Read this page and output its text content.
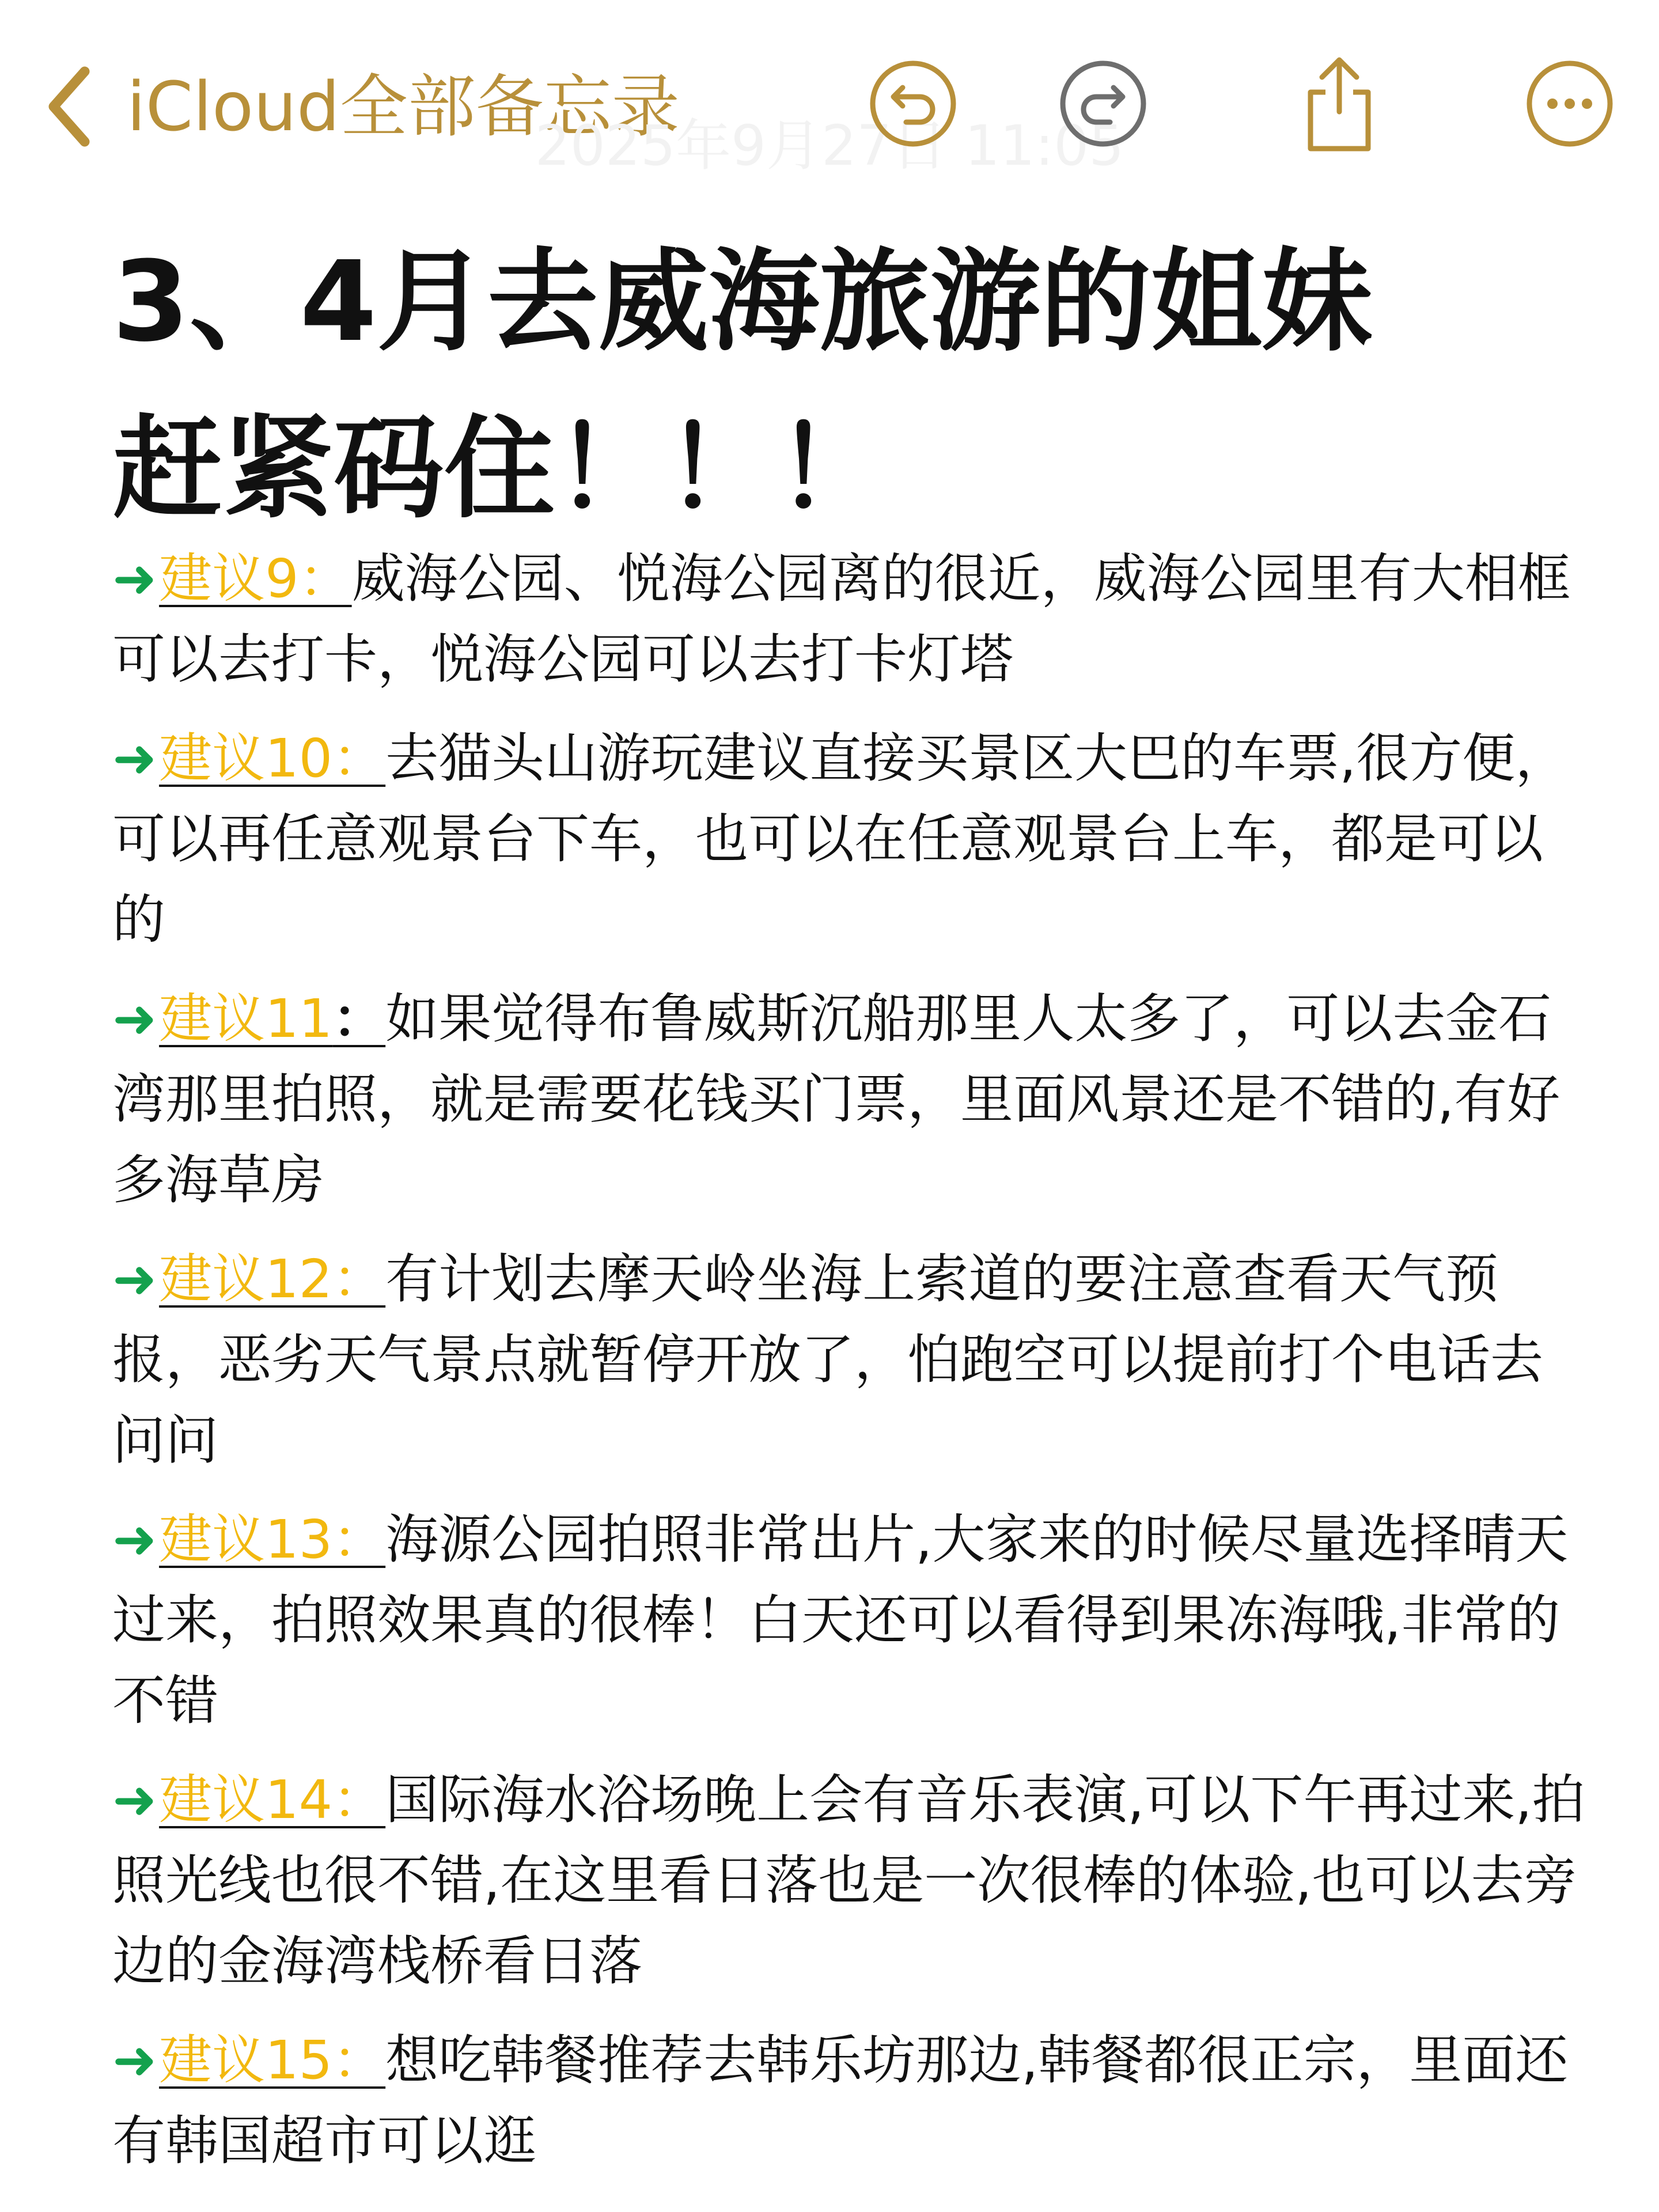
iCloud全部备忘录
2025年9月27日 11:05
3、4月去威海旅游的姐妹
赶紧码住！！！

➜建议9：威海公园、悦海公园离的很近，威海公园里有大相框可以去打卡，悦海公园可以去打卡灯塔

➜建议10：去猫头山游玩建议直接买景区大巴的车票,很方便，可以再任意观景台下车，也可以在任意观景台上车，都是可以的

➜建议11：如果觉得布鲁威斯沉船那里人太多了，可以去金石湾那里拍照，就是需要花钱买门票，里面风景还是不错的,有好多海草房

➜建议12：有计划去摩天岭坐海上索道的要注意查看天气预报，恶劣天气景点就暂停开放了，怕跑空可以提前打个电话去问问

➜建议13：海源公园拍照非常出片,大家来的时候尽量选择晴天过来，拍照效果真的很棒！白天还可以看得到果冻海哦,非常的不错

➜建议14：国际海水浴场晚上会有音乐表演,可以下午再过来,拍照光线也很不错,在这里看日落也是一次很棒的体验,也可以去旁边的金海湾栈桥看日落

➜建议15：想吃韩餐推荐去韩乐坊那边,韩餐都很正宗，里面还有韩国超市可以逛
